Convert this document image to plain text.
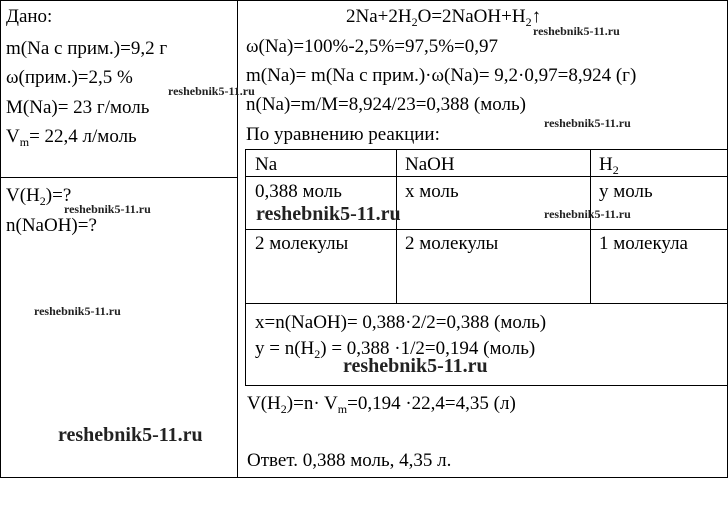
Дано:
m(Na с прим.)=9,2 г
ω(прим.)=2,5 %
M(Na)= 23 г/моль
$V_m= 22,4$ л/моль
$V(H_2)=$?
n(NaOH)=?
$2Na+2H_2O=2NaOH+H_2↑$
ω(Na)=100%-2,5%=97,5%=0,97
m(Na)= m(Na с прим.)·ω(Na)= 9,2·0,97=8,924 (г)
n(Na)=m/M=8,924/23=0,388 (моль)
По уравнению реакции:
Na	NaOH	$H_2$
0,388 моль	x моль	y моль
2 молекулы	2 молекулы	1 молекула
x=n(NaOH)= 0,388·2/2=0,388 (моль)
$y = n(H_2) = 0,388 \cdot 1/2=0,194$ (моль)
$V(H_2)=n\cdot V_m=0,194 \cdot 22,4=4,35$ (л)
Ответ. 0,388 моль, 4,35 л.
reshebnik5-11.ru
reshebnik5-11.ru
reshebnik5-11.ru
reshebnik5-11.ru	reshebnik5-11.ru
reshebnik5-11.ru
reshebnik5-11.ru
reshebnik5-11.ru
reshebnik5-11.ru
